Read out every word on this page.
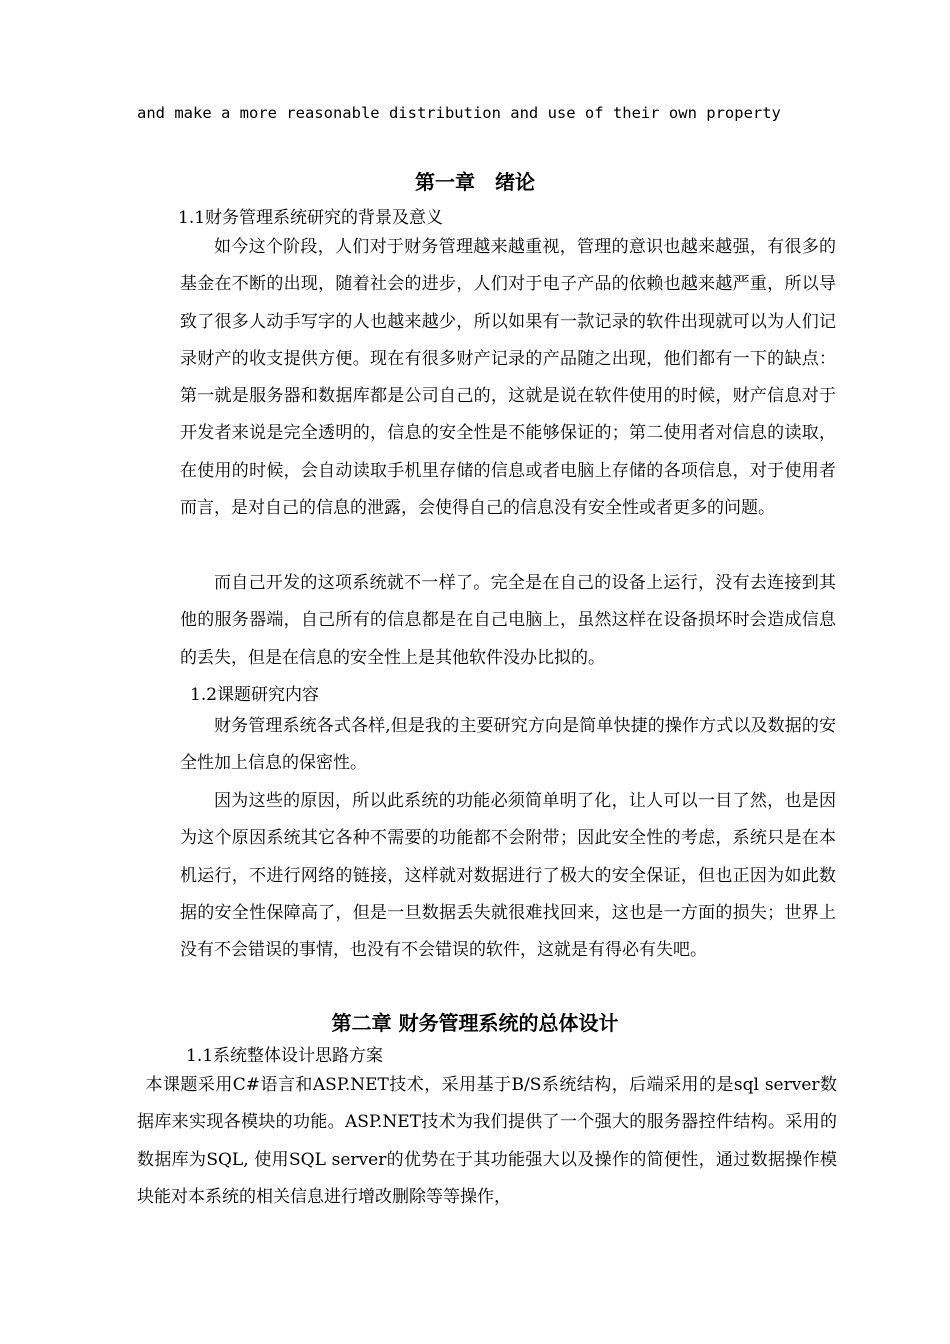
and make a more reasonable distribution and use of their own property
第一章　绪论
1.1财务管理系统研究的背景及意义

如今这个阶段，人们对于财务管理越来越重视，管理的意识也越来越强，有很多的基金在不断的出现，随着社会的进步，人们对于电子产品的依赖也越来越严重，所以导致了很多人动手写字的人也越来越少，所以如果有一款记录的软件出现就可以为人们记录财产的收支提供方便。现在有很多财产记录的产品随之出现，他们都有一下的缺点：第一就是服务器和数据库都是公司自己的，这就是说在软件使用的时候，财产信息对于开发者来说是完全透明的，信息的安全性是不能够保证的；第二使用者对信息的读取，在使用的时候，会自动读取手机里存储的信息或者电脑上存储的各项信息，对于使用者而言，是对自己的信息的泄露，会使得自己的信息没有安全性或者更多的问题。

而自己开发的这项系统就不一样了。完全是在自己的设备上运行，没有去连接到其他的服务器端，自己所有的信息都是在自己电脑上，虽然这样在设备损坏时会造成信息的丢失，但是在信息的安全性上是其他软件没办比拟的。

1.2课题研究内容

财务管理系统各式各样,但是我的主要研究方向是简单快捷的操作方式以及数据的安全性加上信息的保密性。

因为这些的原因，所以此系统的功能必须简单明了化，让人可以一目了然，也是因为这个原因系统其它各种不需要的功能都不会附带；因此安全性的考虑，系统只是在本机运行，不进行网络的链接，这样就对数据进行了极大的安全保证，但也正因为如此数据的安全性保障高了，但是一旦数据丢失就很难找回来，这也是一方面的损失；世界上没有不会错误的事情，也没有不会错误的软件，这就是有得必有失吧。

第二章 财务管理系统的总体设计
1.1系统整体设计思路方案

本课题采用C#语言和ASP.NET技术，采用基于B/S系统结构，后端采用的是sql server数据库来实现各模块的功能。ASP.NET技术为我们提供了一个强大的服务器控件结构。采用的数据库为SQL, 使用SQL server的优势在于其功能强大以及操作的简便性，通过数据操作模块能对本系统的相关信息进行增改删除等等操作，
